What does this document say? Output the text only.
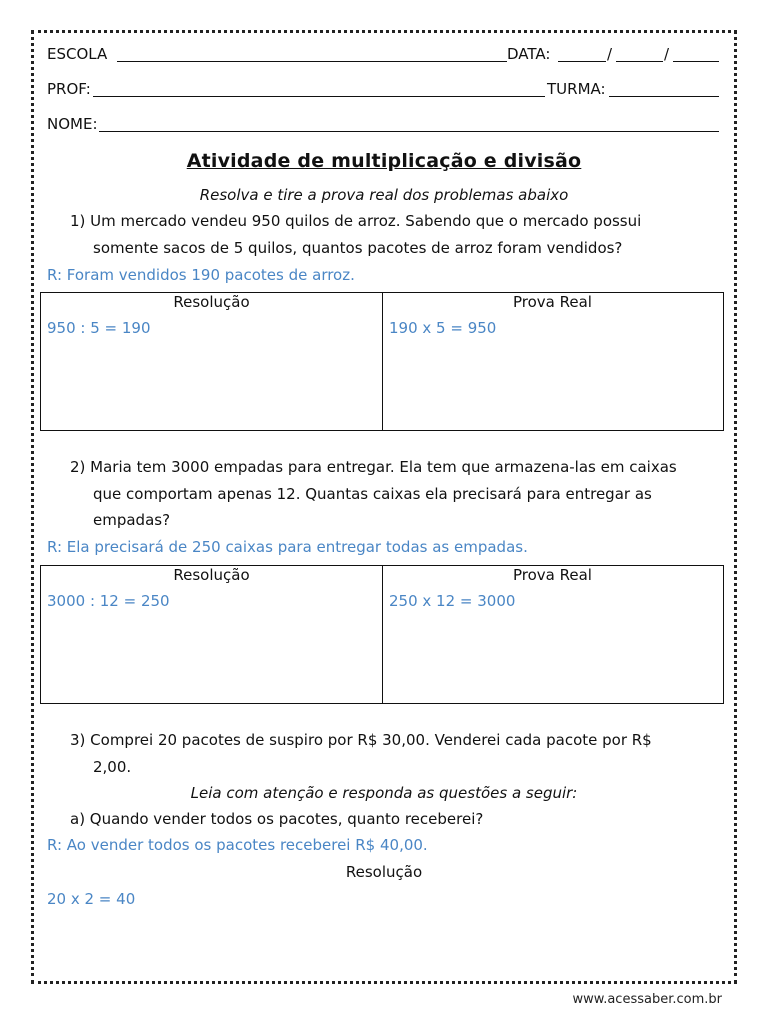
ESCOLA	DATA:	/	/
PROF:	TURMA:
NOME:
Atividade de multiplicação e divisão
Resolva e tire a prova real dos problemas abaixo
1) Um mercado vendeu 950 quilos de arroz. Sabendo que o mercado possui
somente sacos de 5 quilos, quantos pacotes de arroz foram vendidos?
R: Foram vendidos 190 pacotes de arroz.
Resolução	Prova Real
950 : 5 = 190	190 x 5 = 950
2) Maria tem 3000 empadas para entregar. Ela tem que armazena-las em caixas
que comportam apenas 12. Quantas caixas ela precisará para entregar as
empadas?
R: Ela precisará de 250 caixas para entregar todas as empadas.
Resolução	Prova Real
3000 : 12 = 250	250 x 12 = 3000
3) Comprei 20 pacotes de suspiro por R$ 30,00. Venderei cada pacote por R$
2,00.
Leia com atenção e responda as questões a seguir:
a) Quando vender todos os pacotes, quanto receberei?
R: Ao vender todos os pacotes receberei R$ 40,00.
Resolução
20 x 2 = 40
www.acessaber.com.br
